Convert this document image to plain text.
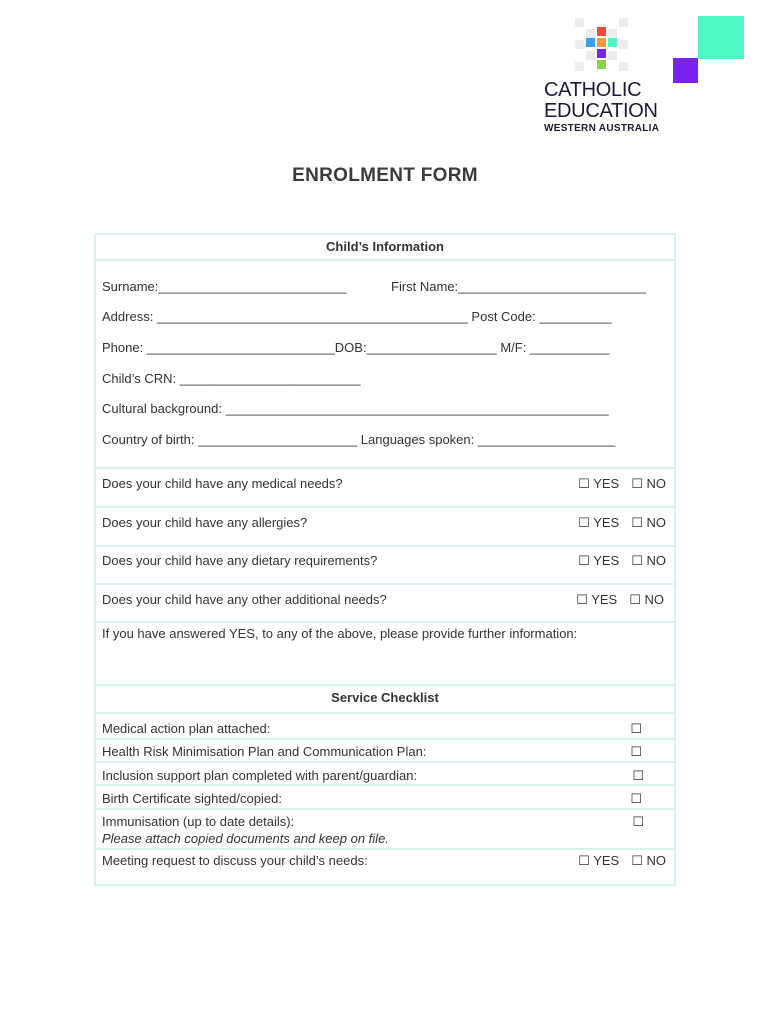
CATHOLIC
EDUCATION
WESTERN AUSTRALIA
ENROLMENT FORM
Child’s Information
Surname:__________________________	First Name:__________________________
Address: ___________________________________________ Post Code: __________
Phone: __________________________DOB:__________________ M/F: ___________
Child’s CRN: _________________________
Cultural background: _____________________________________________________
Country of birth: ______________________ Languages spoken: ___________________
Does your child have any medical needs?	☐ YES ☐ NO
Does your child have any allergies?	☐ YES ☐ NO
Does your child have any dietary requirements?	☐ YES ☐ NO
Does your child have any other additional needs?	☐ YES ☐ NO
If you have answered YES, to any of the above, please provide further information:
Service Checklist
Medical action plan attached:	☐
Health Risk Minimisation Plan and Communication Plan:	☐
Inclusion support plan completed with parent/guardian:	☐
Birth Certificate sighted/copied:	☐
Immunisation (up to date details):	☐
Please attach copied documents and keep on file.
Meeting request to discuss your child’s needs:	☐ YES ☐ NO
